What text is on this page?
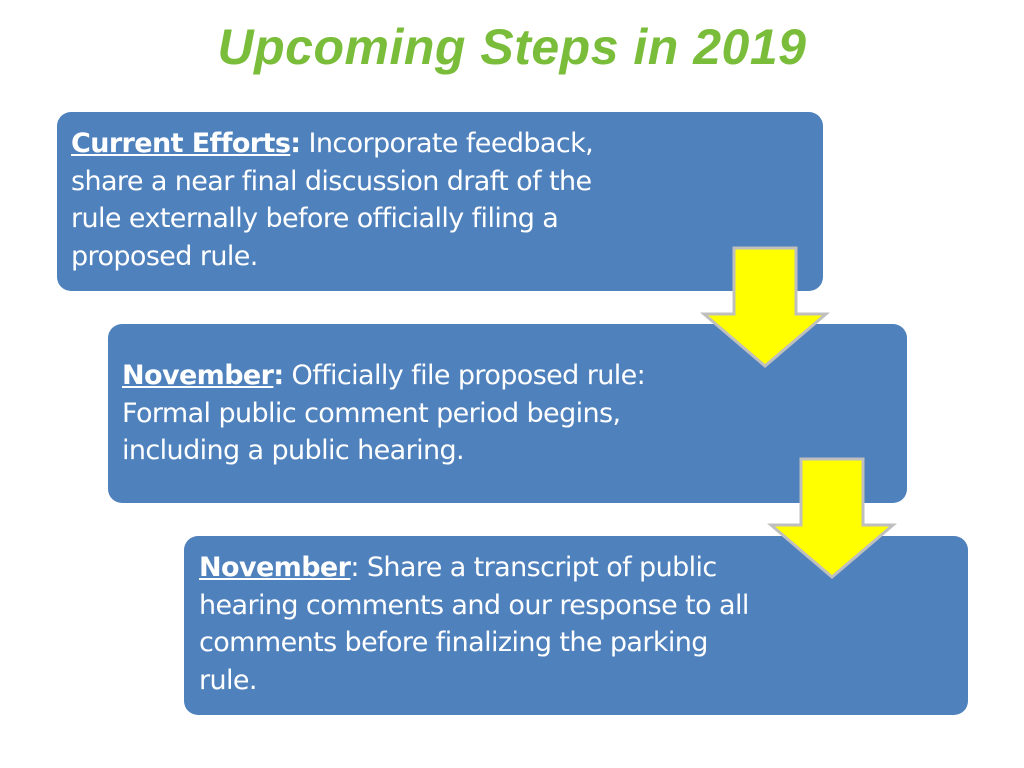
Upcoming Steps in 2019
Current Efforts: Incorporate feedback, share a near final discussion draft of the rule externally before officially filing a proposed rule.
November: Officially file proposed rule: Formal public comment period begins, including a public hearing.
November: Share a transcript of public hearing comments and our response to all comments before finalizing the parking rule.
